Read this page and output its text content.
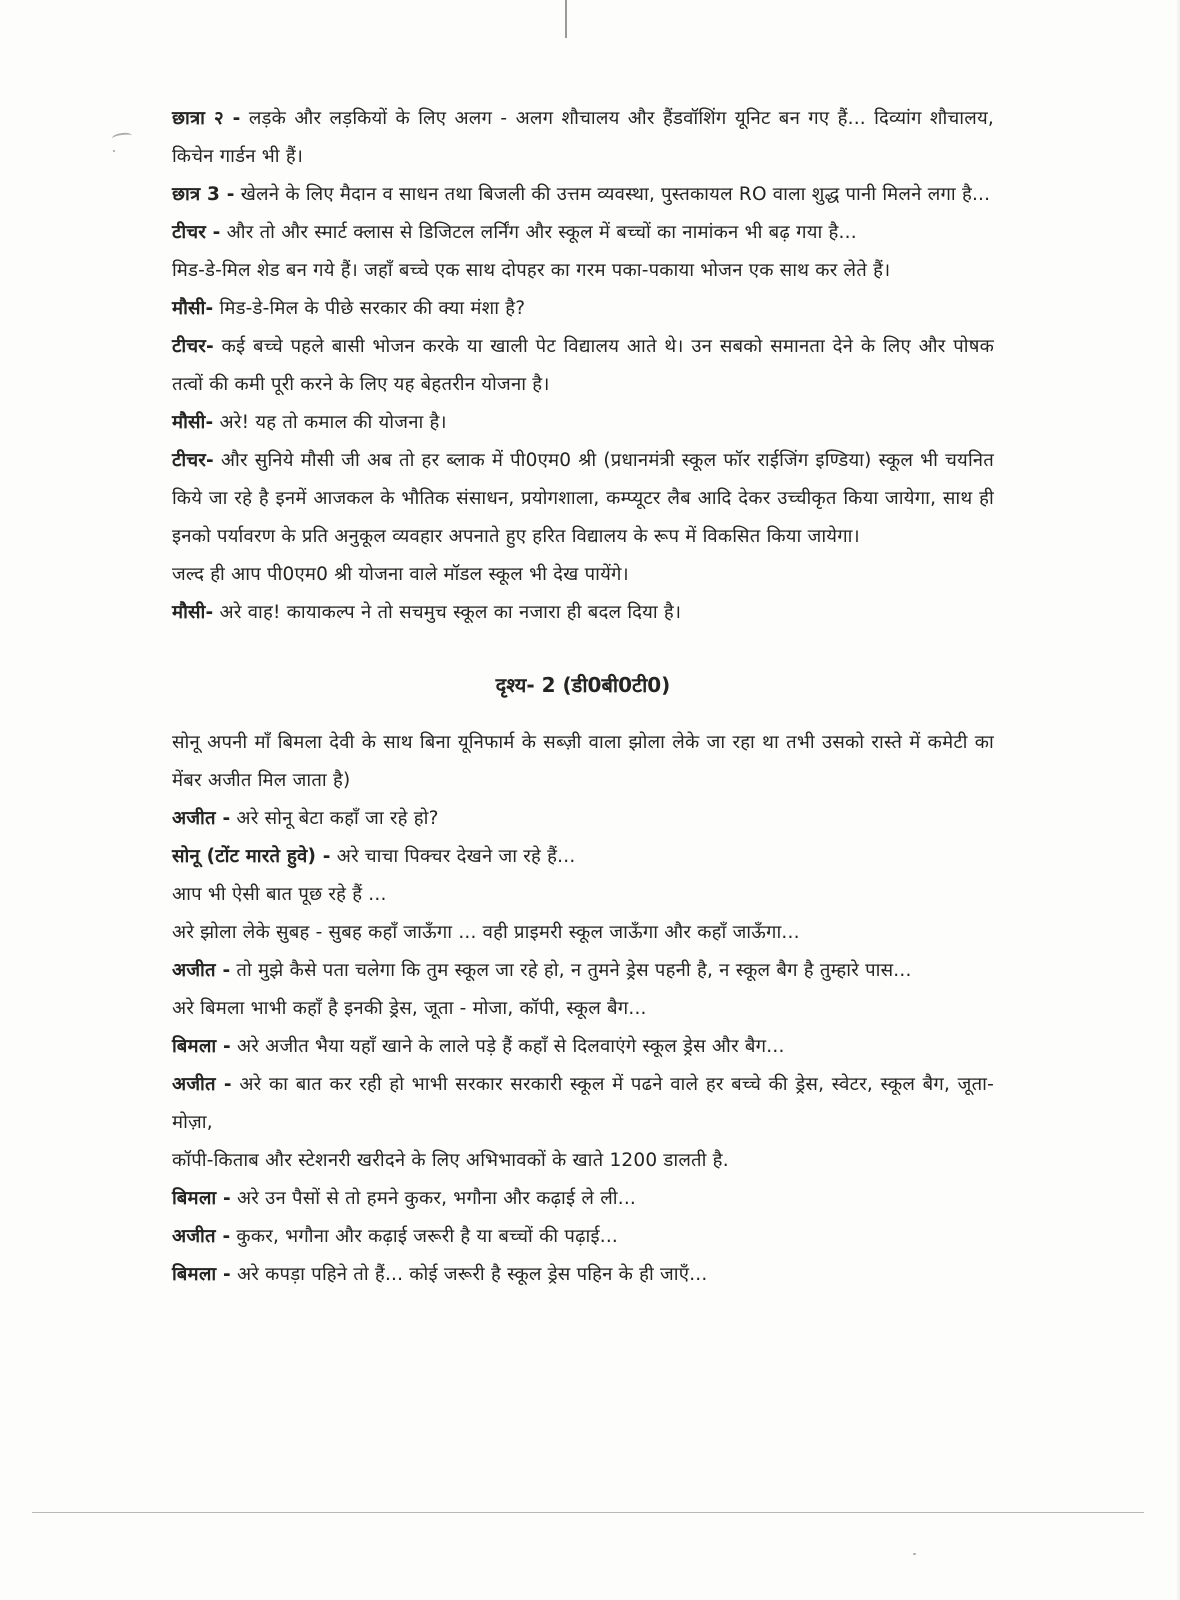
छात्रा २ - लड़के और लड़कियों के लिए अलग - अलग शौचालय और हैंडवॉशिंग यूनिट बन गए हैं... दिव्यांग शौचालय, किचेन गार्डन भी हैं।

छात्र 3 - खेलने के लिए मैदान व साधन तथा बिजली की उत्तम व्यवस्था, पुस्तकायल RO वाला शुद्ध पानी मिलने लगा है...

टीचर - और तो और स्मार्ट क्लास से डिजिटल लर्निंग और स्कूल में बच्चों का नामांकन भी बढ़ गया है...

मिड-डे-मिल शेड बन गये हैं। जहाँ बच्चे एक साथ दोपहर का गरम पका-पकाया भोजन एक साथ कर लेते हैं।

मौसी- मिड-डे-मिल के पीछे सरकार की क्या मंशा है?

टीचर- कई बच्चे पहले बासी भोजन करके या खाली पेट विद्यालय आते थे। उन सबको समानता देने के लिए और पोषक तत्वों की कमी पूरी करने के लिए यह बेहतरीन योजना है।

मौसी- अरे! यह तो कमाल की योजना है।

टीचर- और सुनिये मौसी जी अब तो हर ब्लाक में पी0एम0 श्री (प्रधानमंत्री स्कूल फॉर राईजिंग इण्डिया) स्कूल भी चयनित किये जा रहे है इनमें आजकल के भौतिक संसाधन, प्रयोगशाला, कम्प्यूटर लैब आदि देकर उच्चीकृत किया जायेगा, साथ ही इनको पर्यावरण के प्रति अनुकूल व्यवहार अपनाते हुए हरित विद्यालय के रूप में विकसित किया जायेगा।

जल्द ही आप पी0एम0 श्री योजना वाले मॉडल स्कूल भी देख पायेंगे।

मौसी- अरे वाह! कायाकल्प ने तो सचमुच स्कूल का नजारा ही बदल दिया है।

दृश्य- 2 (डी0बी0टी0)

सोनू अपनी माँ बिमला देवी के साथ बिना यूनिफार्म के सब्ज़ी वाला झोला लेके जा रहा था तभी उसको रास्ते में कमेटी का मेंबर अजीत मिल जाता है)

अजीत - अरे सोनू बेटा कहाँ जा रहे हो?

सोनू (टोंट मारते हुवे) - अरे चाचा पिक्चर देखने जा रहे हैं...

आप भी ऐसी बात पूछ रहे हैं ...

अरे झोला लेके सुबह - सुबह कहाँ जाऊँगा ... वही प्राइमरी स्कूल जाऊँगा और कहाँ जाऊँगा...

अजीत - तो मुझे कैसे पता चलेगा कि तुम स्कूल जा रहे हो, न तुमने ड्रेस पहनी है, न स्कूल बैग है तुम्हारे पास...

अरे बिमला भाभी कहाँ है इनकी ड्रेस, जूता - मोजा, कॉपी, स्कूल बैग...

बिमला - अरे अजीत भैया यहाँ खाने के लाले पड़े हैं कहाँ से दिलवाएंगे स्कूल ड्रेस और बैग...

अजीत - अरे का बात कर रही हो भाभी सरकार सरकारी स्कूल में पढने वाले हर बच्चे की ड्रेस, स्वेटर, स्कूल बैग, जूता-मोज़ा,

कॉपी-किताब और स्टेशनरी खरीदने के लिए अभिभावकों के खाते 1200 डालती है.

बिमला - अरे उन पैसों से तो हमने कुकर, भगौना और कढ़ाई ले ली...

अजीत - कुकर, भगौना और कढ़ाई जरूरी है या बच्चों की पढ़ाई...

बिमला - अरे कपड़ा पहिने तो हैं... कोई जरूरी है स्कूल ड्रेस पहिन के ही जाएँ...
